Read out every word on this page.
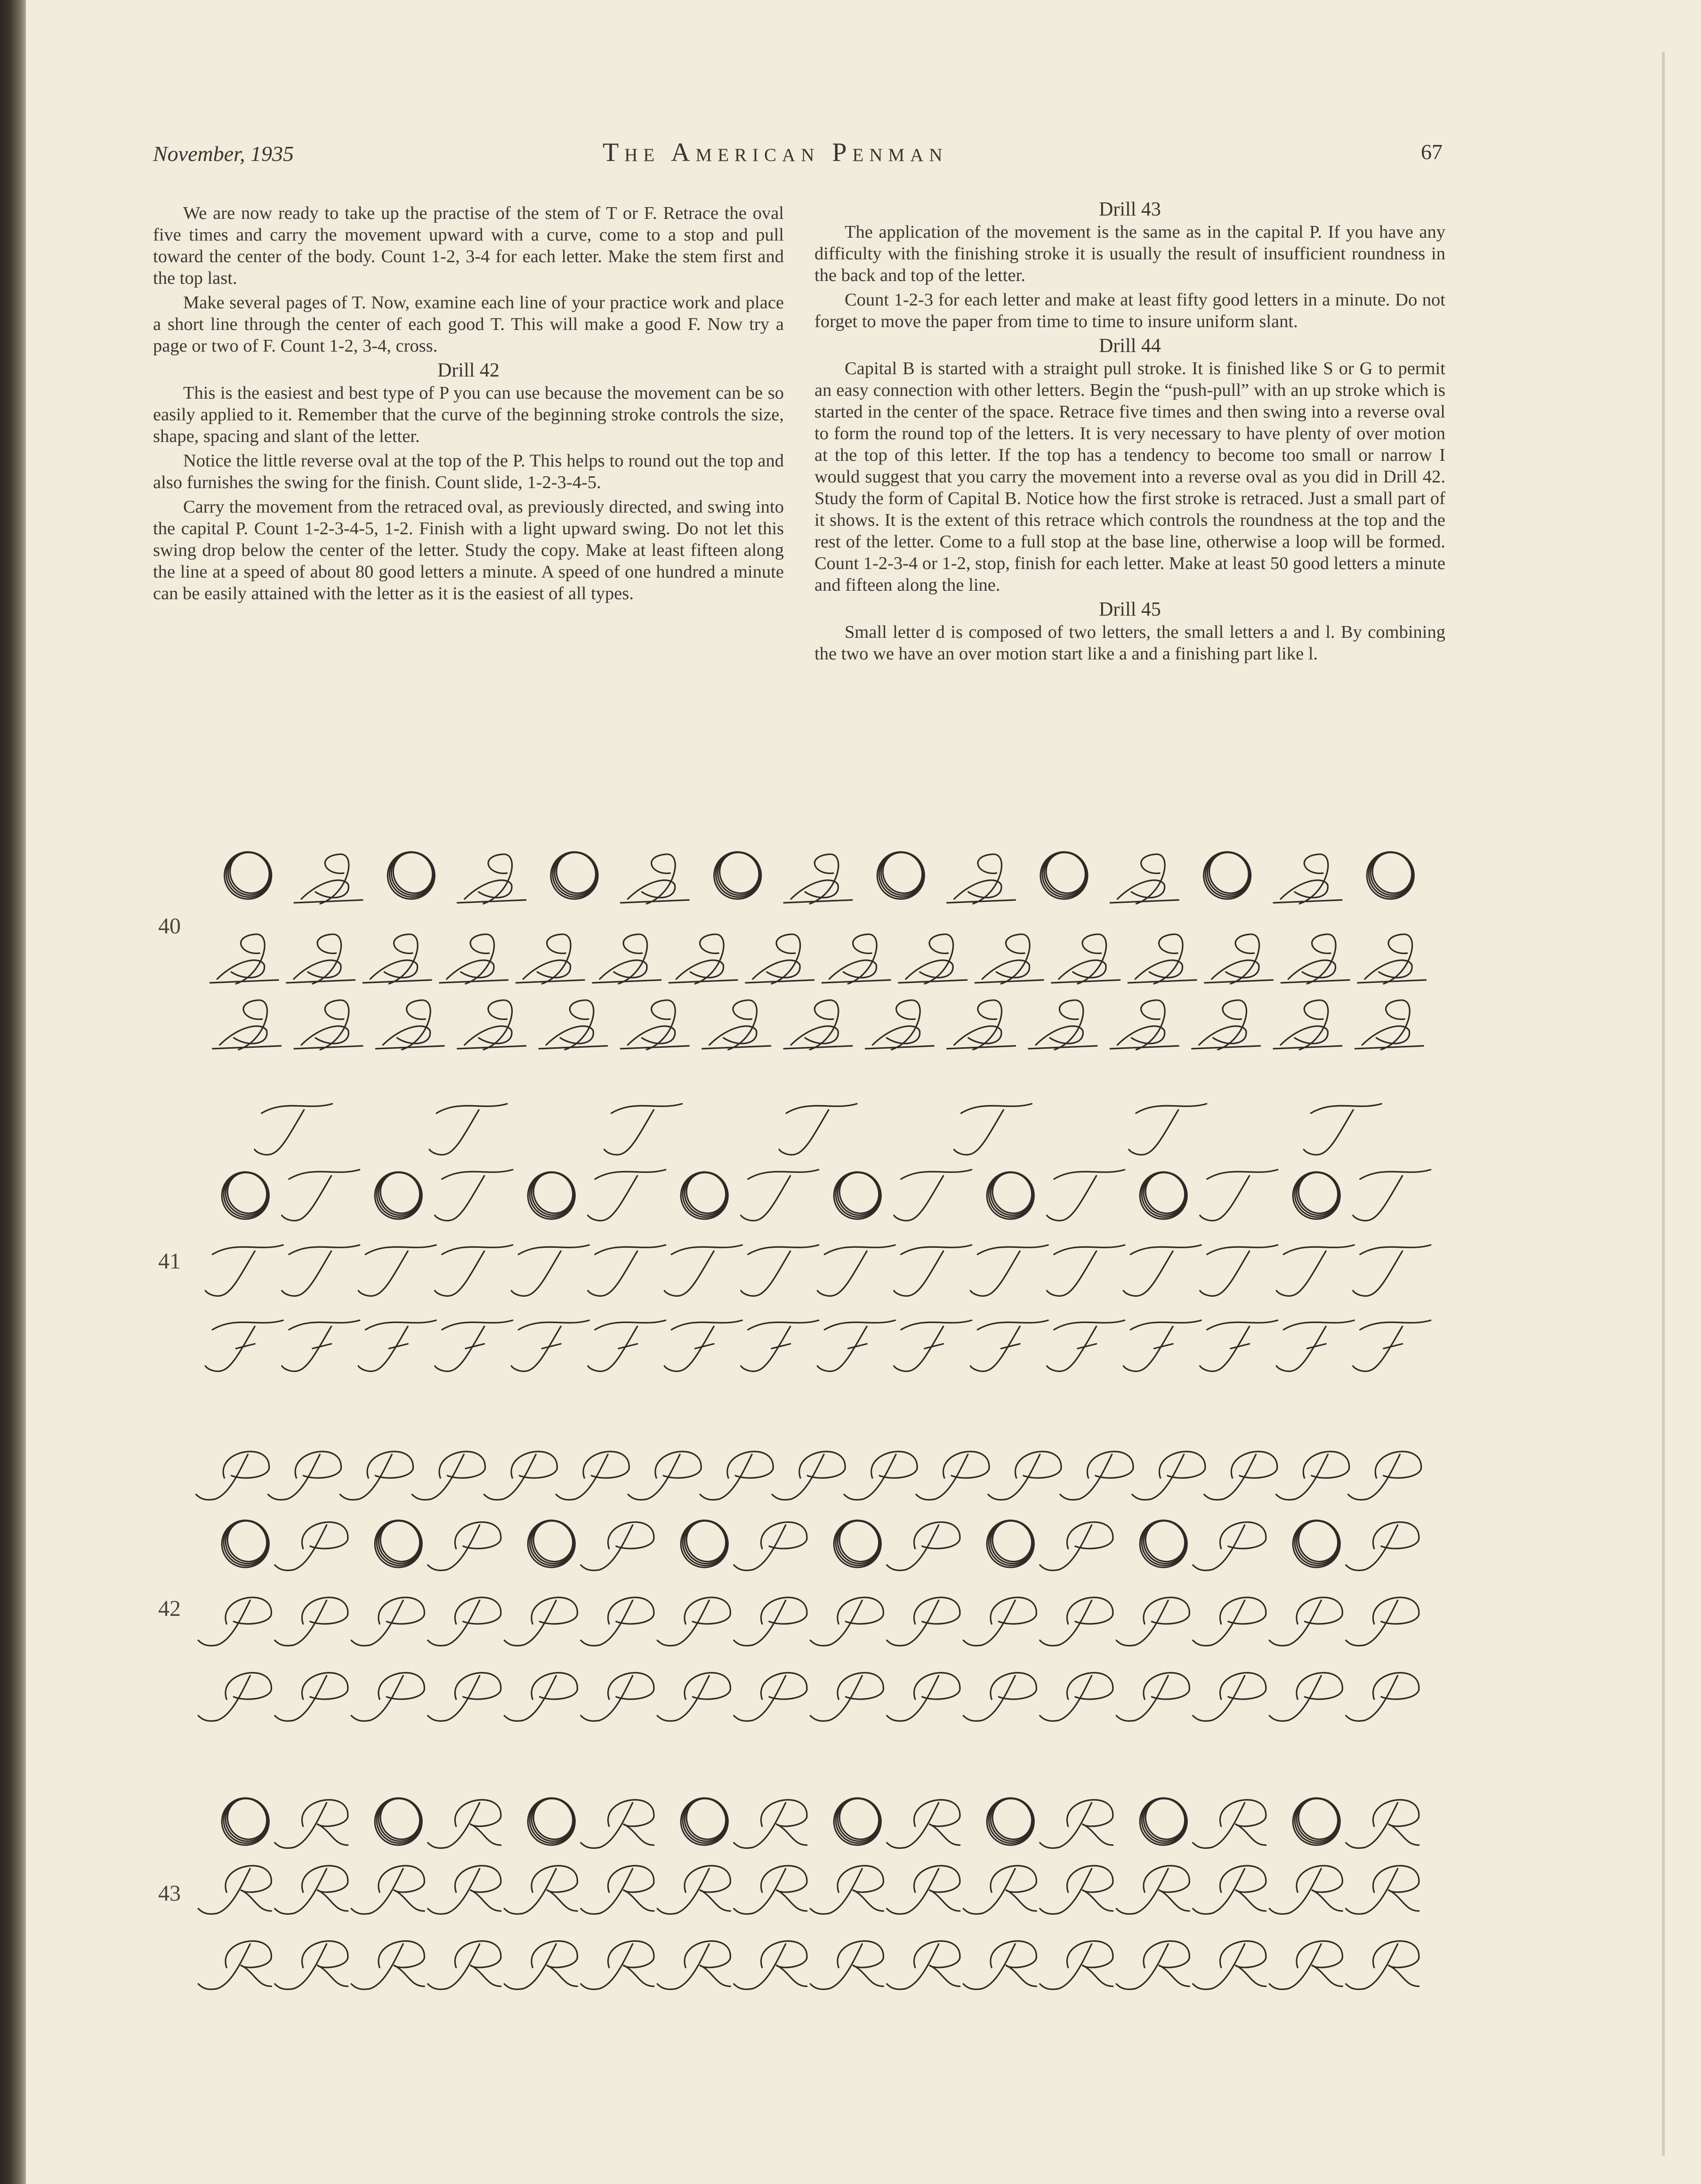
November, 1935	The American Penman	67

We are now ready to take up the practise of the stem of T or F. Retrace the oval five times and carry the movement upward with a curve, come to a stop and pull toward the center of the body. Count 1-2, 3-4 for each letter. Make the stem first and the top last.

Make several pages of T. Now, examine each line of your practice work and place a short line through the center of each good T. This will make a good F. Now try a page or two of F. Count 1-2, 3-4, cross.

Drill 42

This is the easiest and best type of P you can use because the movement can be so easily applied to it. Remember that the curve of the beginning stroke controls the size, shape, spacing and slant of the letter.

Notice the little reverse oval at the top of the P. This helps to round out the top and also furnishes the swing for the finish. Count slide, 1-2-3-4-5.

Carry the movement from the retraced oval, as previously directed, and swing into the capital P. Count 1-2-3-4-5, 1-2. Finish with a light upward swing. Do not let this swing drop below the center of the letter. Study the copy. Make at least fifteen along the line at a speed of about 80 good letters a minute. A speed of one hundred a minute can be easily attained with the letter as it is the easiest of all types.

Drill 43

The application of the movement is the same as in the capital P. If you have any difficulty with the finishing stroke it is usually the result of insufficient roundness in the back and top of the letter.

Count 1-2-3 for each letter and make at least fifty good letters in a minute. Do not forget to move the paper from time to time to insure uniform slant.

Drill 44

Capital B is started with a straight pull stroke. It is finished like S or G to permit an easy connection with other letters. Begin the “push-pull” with an up stroke which is started in the center of the space. Retrace five times and then swing into a reverse oval to form the round top of the letters. It is very necessary to have plenty of over motion at the top of this letter. If the top has a tendency to become too small or narrow I would suggest that you carry the movement into a reverse oval as you did in Drill 42. Study the form of Capital B. Notice how the first stroke is retraced. Just a small part of it shows. It is the extent of this retrace which controls the roundness at the top and the rest of the letter. Come to a full stop at the base line, otherwise a loop will be formed. Count 1-2-3-4 or 1-2, stop, finish for each letter. Make at least 50 good letters a minute and fifteen along the line.

Drill 45

Small letter d is composed of two letters, the small letters a and l. By combining the two we have an over motion start like a and a finishing part like l.

40
41
42
43
